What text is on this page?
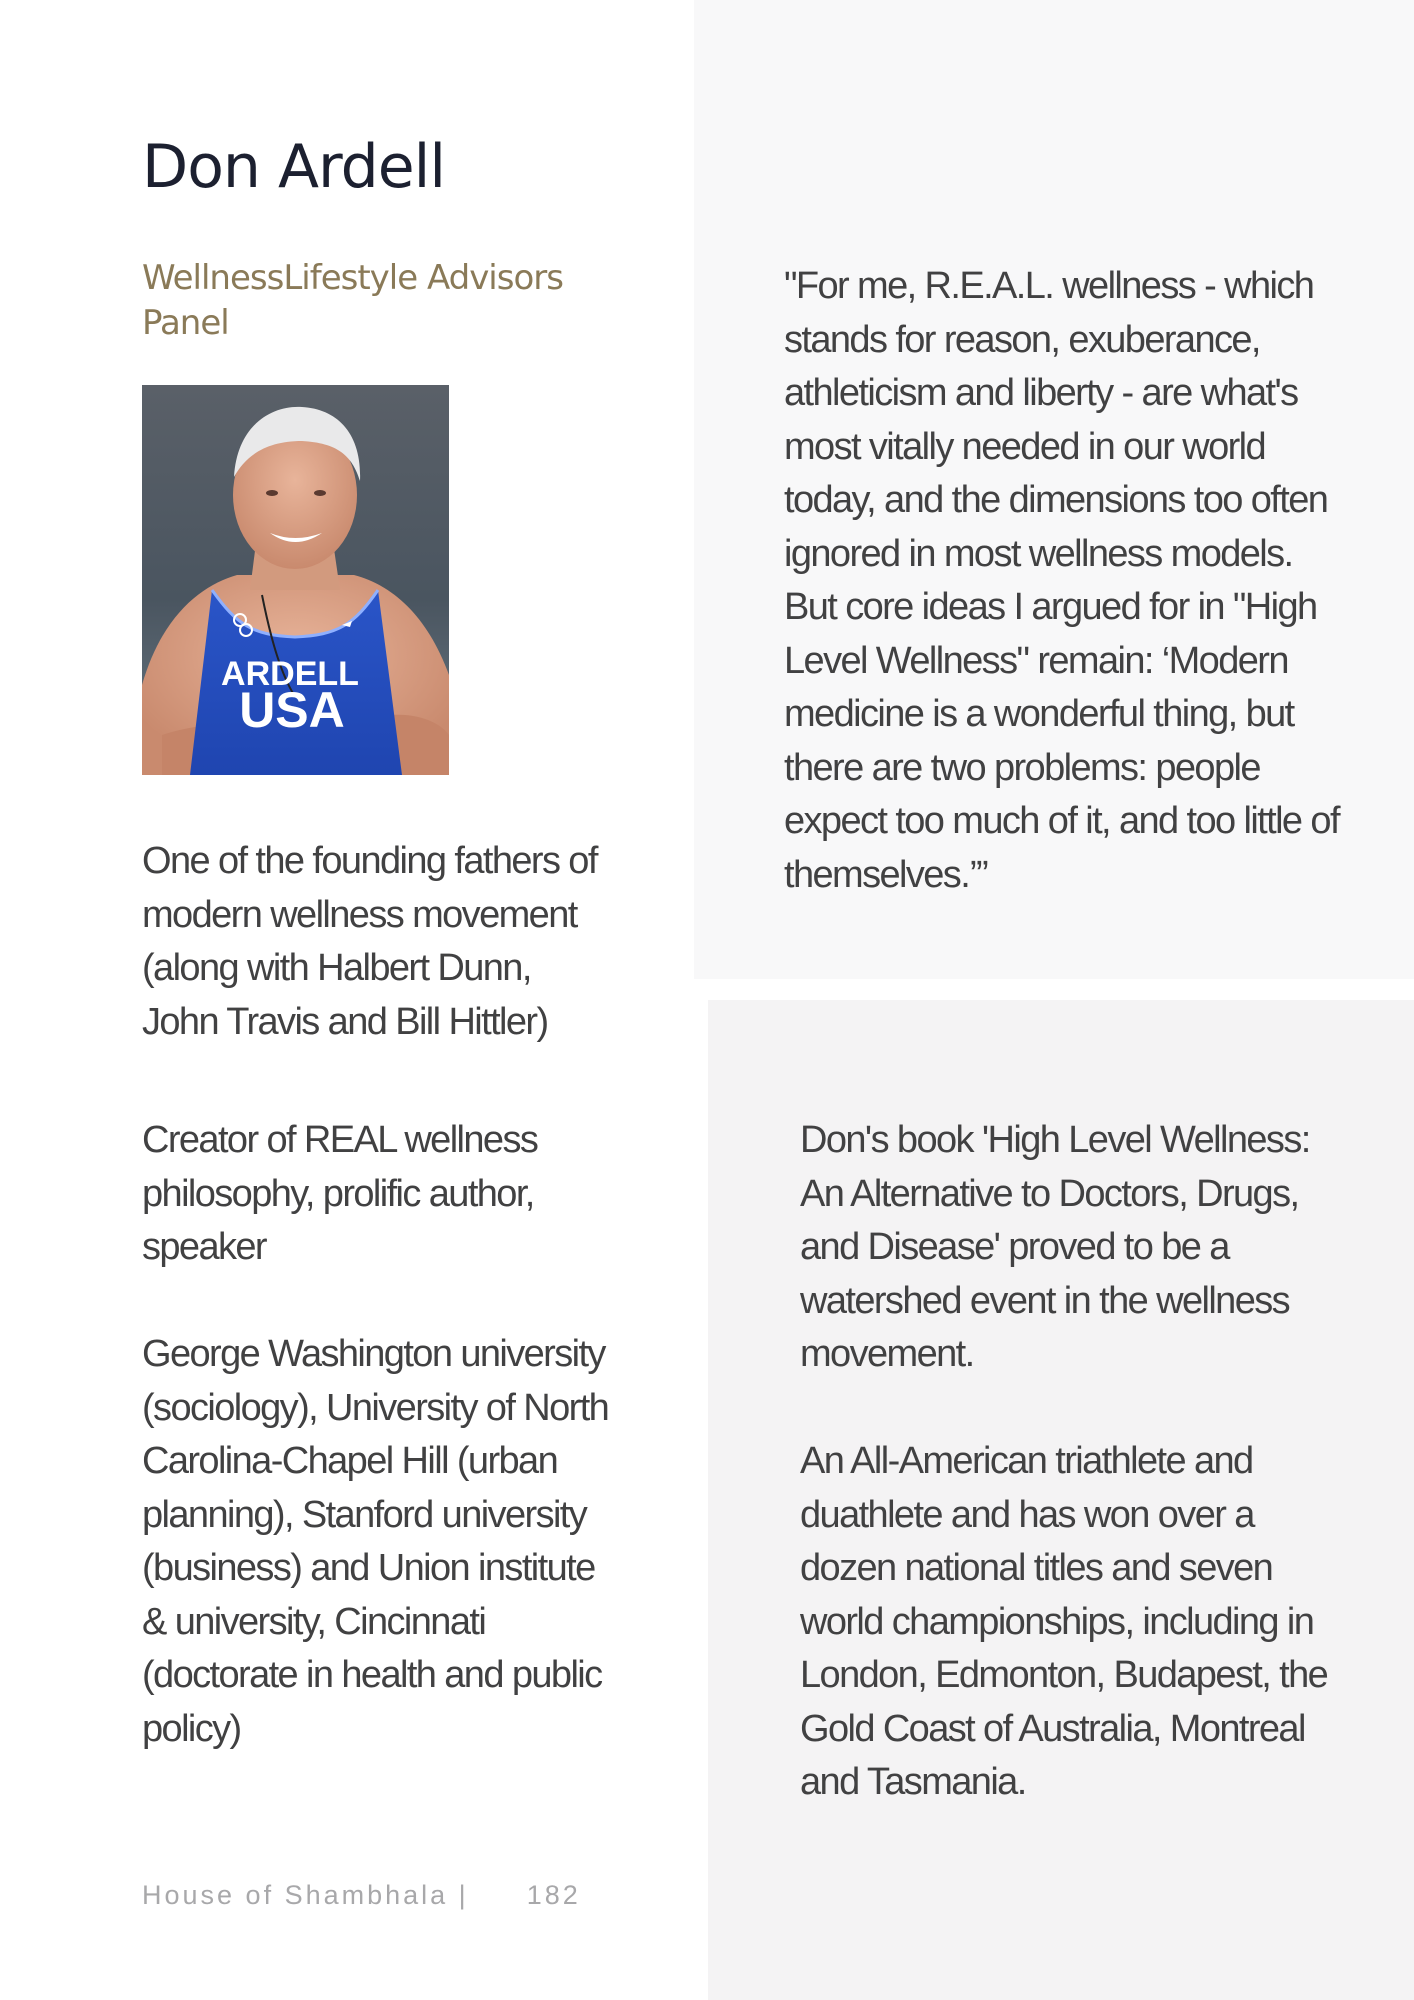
Don Ardell

WellnessLifestyle Advisors Panel

ARDELL
USA

One of the founding fathers of modern wellness movement (along with Halbert Dunn, John Travis and Bill Hittler)

Creator of REAL wellness philosophy, prolific author, speaker

George Washington university (sociology), University of North Carolina-Chapel Hill (urban planning), Stanford university (business) and Union institute & university, Cincinnati (doctorate in health and public policy)

"For me, R.E.A.L. wellness - which stands for reason, exuberance, athleticism and liberty - are what's most vitally needed in our world today, and the dimensions too often ignored in most wellness models. But core ideas I argued for in "High Level Wellness" remain: ‘Modern medicine is a wonderful thing, but there are two problems: people expect too much of it, and too little of themselves.’”

Don's book 'High Level Wellness: An Alternative to Doctors, Drugs, and Disease' proved to be a watershed event in the wellness movement.

An All-American triathlete and duathlete and has won over a dozen national titles and seven world championships, including in London, Edmonton, Budapest, the Gold Coast of Australia, Montreal and Tasmania.

House of Shambhala | 182
